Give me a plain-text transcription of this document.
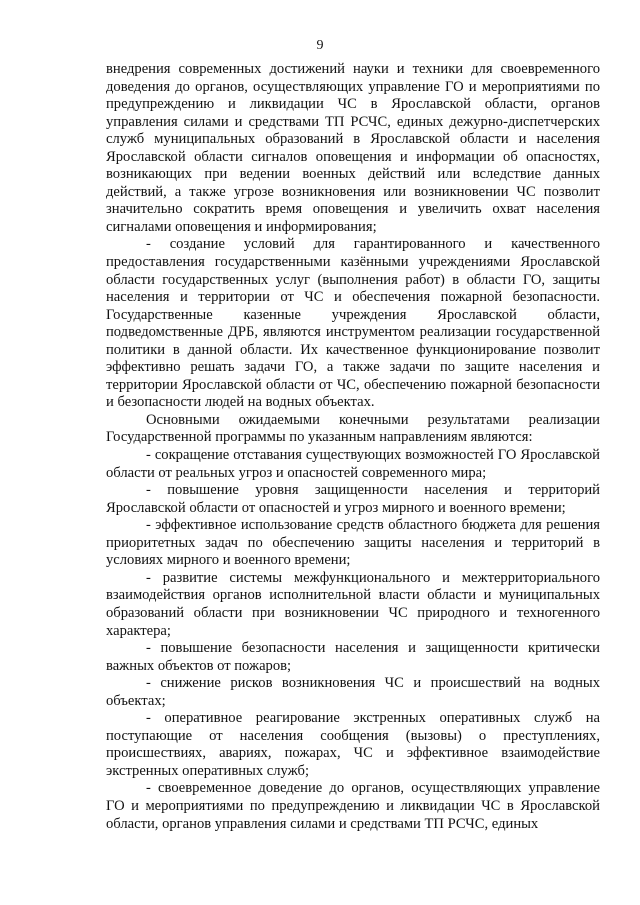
9

внедрения современных достижений науки и техники для своевременного доведения до органов, осуществляющих управление ГО и мероприятиями по предупреждению и ликвидации ЧС в Ярославской области, органов управления силами и средствами ТП РСЧС, единых дежурно-диспетчерских служб муниципальных образований в Ярославской области и населения Ярославской области сигналов оповещения и информации об опасностях, возникающих при ведении военных действий или вследствие данных действий, а также угрозе возникновения или возникновении ЧС позволит значительно сократить время оповещения и увеличить охват населения сигналами оповещения и информирования;

- создание условий для гарантированного и качественного предоставления государственными казёнными учреждениями Ярославской области государственных услуг (выполнения работ) в области ГО, защиты населения и территории от ЧС и обеспечения пожарной безопасности. Государственные казенные учреждения Ярославской области, подведомственные ДРБ, являются инструментом реализации государственной политики в данной области. Их качественное функционирование позволит эффективно решать задачи ГО, а также задачи по защите населения и территории Ярославской области от ЧС, обеспечению пожарной безопасности и безопасности людей на водных объектах.

Основными ожидаемыми конечными результатами реализации Государственной программы по указанным направлениям являются:

- сокращение отставания существующих возможностей ГО Ярославской области от реальных угроз и опасностей современного мира;

- повышение уровня защищенности населения и территорий Ярославской области от опасностей и угроз мирного и военного времени;

- эффективное использование средств областного бюджета для решения приоритетных задач по обеспечению защиты населения и территорий в условиях мирного и военного времени;

- развитие системы межфункционального и межтерриториального взаимодействия органов исполнительной власти области и муниципальных образований области при возникновении ЧС природного и техногенного характера;

- повышение безопасности населения и защищенности критически важных объектов от пожаров;

- снижение рисков возникновения ЧС и происшествий на водных объектах;

- оперативное реагирование экстренных оперативных служб на поступающие от населения сообщения (вызовы) о преступлениях, происшествиях, авариях, пожарах, ЧС и эффективное взаимодействие экстренных оперативных служб;

- своевременное доведение до органов, осуществляющих управление ГО и мероприятиями по предупреждению и ликвидации ЧС в Ярославской области, органов управления силами и средствами ТП РСЧС, единых
